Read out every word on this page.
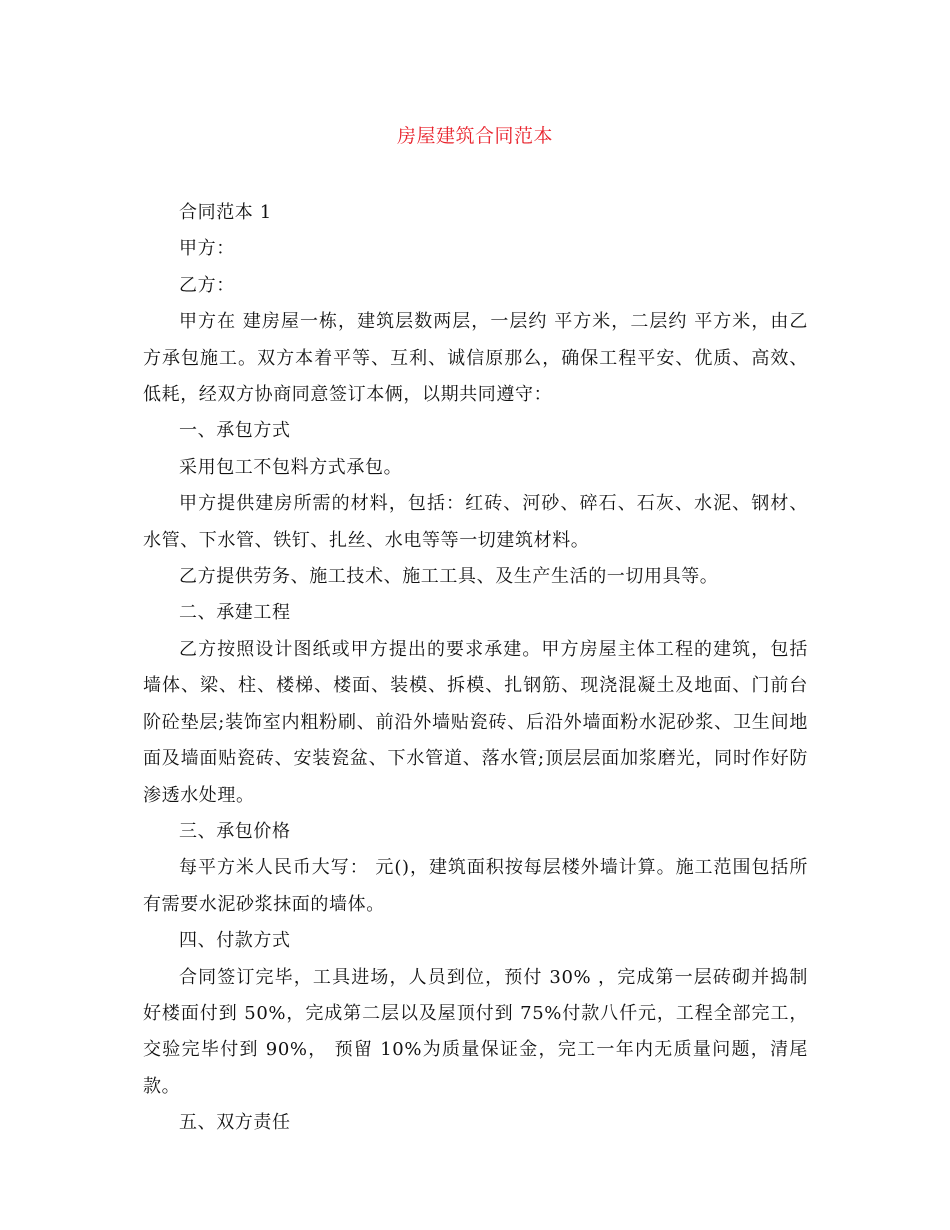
房屋建筑合同范本

合同范本 1

甲方：

乙方：

甲方在 建房屋一栋，建筑层数两层，一层约 平方米，二层约 平方米，由乙方承包施工。双方本着平等、互利、诚信原那么，确保工程平安、优质、高效、低耗，经双方协商同意签订本俩，以期共同遵守：

一、承包方式

采用包工不包料方式承包。

甲方提供建房所需的材料，包括：红砖、河砂、碎石、石灰、水泥、钢材、水管、下水管、铁钉、扎丝、水电等等一切建筑材料。

乙方提供劳务、施工技术、施工工具、及生产生活的一切用具等。

二、承建工程

乙方按照设计图纸或甲方提出的要求承建。甲方房屋主体工程的建筑，包括墙体、梁、柱、楼梯、楼面、装模、拆模、扎钢筋、现浇混凝土及地面、门前台阶砼垫层;装饰室内粗粉刷、前沿外墙贴瓷砖、后沿外墙面粉水泥砂浆、卫生间地面及墙面贴瓷砖、安装瓷盆、下水管道、落水管;顶层层面加浆磨光，同时作好防渗透水处理。

三、承包价格

每平方米人民币大写： 元()，建筑面积按每层楼外墙计算。施工范围包括所有需要水泥砂浆抹面的墙体。

四、付款方式

合同签订完毕，工具进场，人员到位，预付 30% ，完成第一层砖砌并捣制好楼面付到 50%，完成第二层以及屋顶付到 75%付款八仟元，工程全部完工，交验完毕付到 90%， 预留 10%为质量保证金，完工一年内无质量问题，清尾款。

五、双方责任
